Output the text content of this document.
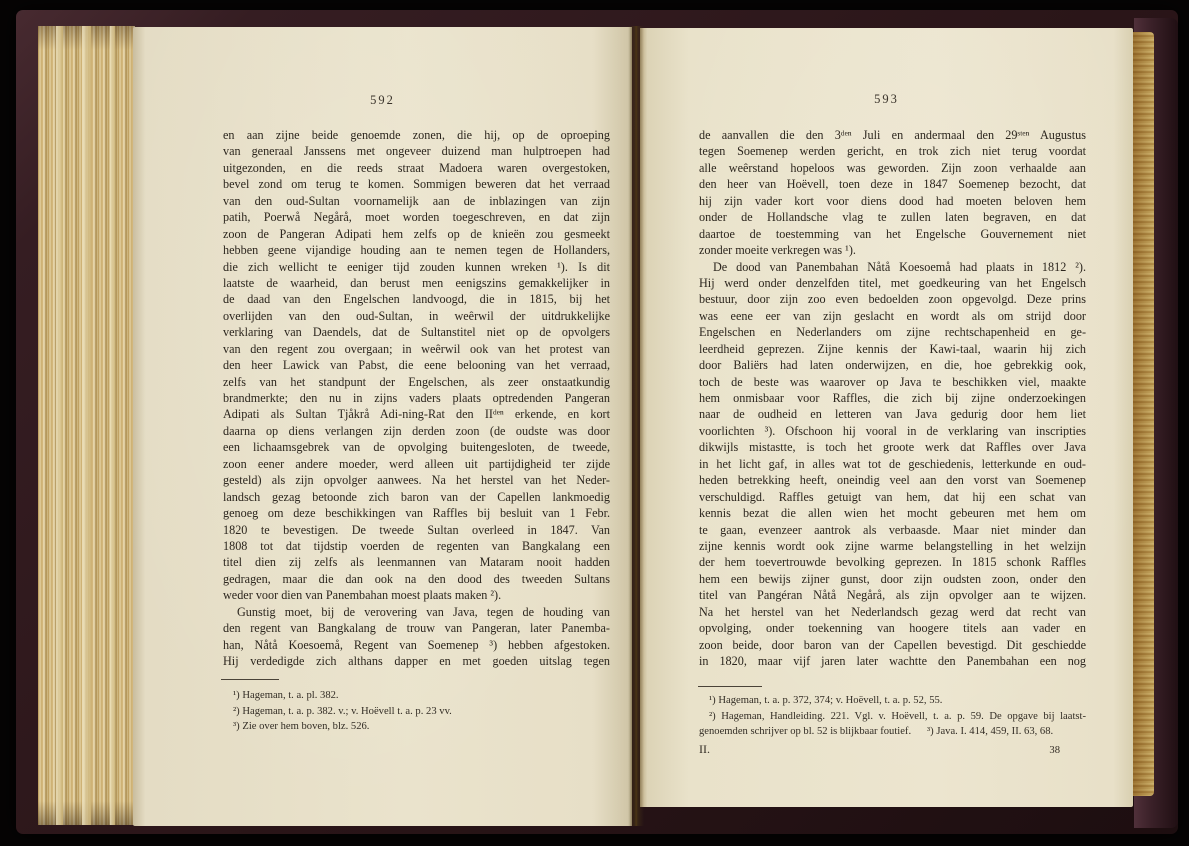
592
en aan zijne beide genoemde zonen, die hij, op de oproeping
van generaal Janssens met ongeveer duizend man hulptroepen had
uitgezonden, en die reeds straat Madoera waren overgestoken,
bevel zond om terug te komen. Sommigen beweren dat het verraad
van den oud-Sultan voornamelijk aan de inblazingen van zijn
patih, Poerwå Negårå, moet worden toegeschreven, en dat zijn
zoon de Pangeran Adipati hem zelfs op de knieën zou gesmeekt
hebben geene vijandige houding aan te nemen tegen de Hollanders,
die zich wellicht te eeniger tijd zouden kunnen wreken ¹). Is dit
laatste de waarheid, dan berust men eenigszins gemakkelijker in
de daad van den Engelschen landvoogd, die in 1815, bij het
overlijden van den oud-Sultan, in weêrwil der uitdrukkelijke
verklaring van Daendels, dat de Sultanstitel niet op de opvolgers
van den regent zou overgaan; in weêrwil ook van het protest van
den heer Lawick van Pabst, die eene belooning van het verraad,
zelfs van het standpunt der Engelschen, als zeer onstaatkundig
brandmerkte; den nu in zijns vaders plaats optredenden Pangeran
Adipati als Sultan Tjåkrå Adi-ning-Rat den IIᵈᵉⁿ erkende, en kort
daarna op diens verlangen zijn derden zoon (de oudste was door
een lichaamsgebrek van de opvolging buitengesloten, de tweede,
zoon eener andere moeder, werd alleen uit partijdigheid ter zijde
gesteld) als zijn opvolger aanwees. Na het herstel van het Neder-
landsch gezag betoonde zich baron van der Capellen lankmoedig
genoeg om deze beschikkingen van Raffles bij besluit van 1 Febr.
1820 te bevestigen. De tweede Sultan overleed in 1847. Van
1808 tot dat tijdstip voerden de regenten van Bangkalang een
titel dien zij zelfs als leenmannen van Mataram nooit hadden
gedragen, maar die dan ook na den dood des tweeden Sultans
weder voor dien van Panembahan moest plaats maken ²).
Gunstig moet, bij de verovering van Java, tegen de houding van
den regent van Bangkalang de trouw van Pangeran, later Panemba-
han, Nåtå Koesoemå, Regent van Soemenep ³) hebben afgestoken.
Hij verdedigde zich althans dapper en met goeden uitslag tegen
¹) Hageman, t. a. pl. 382.
²) Hageman, t. a. p. 382. v.; v. Hoëvell t. a. p. 23 vv.
³) Zie over hem boven, blz. 526.
593
de aanvallen die den 3ᵈᵉⁿ Juli en andermaal den 29ˢᵗᵉⁿ Augustus
tegen Soemenep werden gericht, en trok zich niet terug voordat
alle weêrstand hopeloos was geworden. Zijn zoon verhaalde aan
den heer van Hoëvell, toen deze in 1847 Soemenep bezocht, dat
hij zijn vader kort voor diens dood had moeten beloven hem
onder de Hollandsche vlag te zullen laten begraven, en dat
daartoe de toestemming van het Engelsche Gouvernement niet
zonder moeite verkregen was ¹).
De dood van Panembahan Nåtå Koesoemå had plaats in 1812 ²).
Hij werd onder denzelfden titel, met goedkeuring van het Engelsch
bestuur, door zijn zoo even bedoelden zoon opgevolgd. Deze prins
was eene eer van zijn geslacht en wordt als om strijd door
Engelschen en Nederlanders om zijne rechtschapenheid en ge-
leerdheid geprezen. Zijne kennis der Kawi-taal, waarin hij zich
door Baliërs had laten onderwijzen, en die, hoe gebrekkig ook,
toch de beste was waarover op Java te beschikken viel, maakte
hem onmisbaar voor Raffles, die zich bij zijne onderzoekingen
naar de oudheid en letteren van Java gedurig door hem liet
voorlichten ³). Ofschoon hij vooral in de verklaring van inscripties
dikwijls mistastte, is toch het groote werk dat Raffles over Java
in het licht gaf, in alles wat tot de geschiedenis, letterkunde en oud-
heden betrekking heeft, oneindig veel aan den vorst van Soemenep
verschuldigd. Raffles getuigt van hem, dat hij een schat van
kennis bezat die allen wien het mocht gebeuren met hem om
te gaan, evenzeer aantrok als verbaasde. Maar niet minder dan
zijne kennis wordt ook zijne warme belangstelling in het welzijn
der hem toevertrouwde bevolking geprezen. In 1815 schonk Raffles
hem een bewijs zijner gunst, door zijn oudsten zoon, onder den
titel van Pangéran Nåtå Negårå, als zijn opvolger aan te wijzen.
Na het herstel van het Nederlandsch gezag werd dat recht van
opvolging, onder toekenning van hoogere titels aan vader en
zoon beide, door baron van der Capellen bevestigd. Dit geschiedde
in 1820, maar vijf jaren later wachtte den Panembahan een nog
¹) Hageman, t. a. p. 372, 374; v. Hoëvell, t. a. p. 52, 55.
²) Hageman, Handleiding. 221. Vgl. v. Hoëvell, t. a. p. 59. De opgave bij laatst-
genoemden schrijver op bl. 52 is blijkbaar foutief.  ³) Java. I. 414, 459, II. 63, 68.
II.	38
